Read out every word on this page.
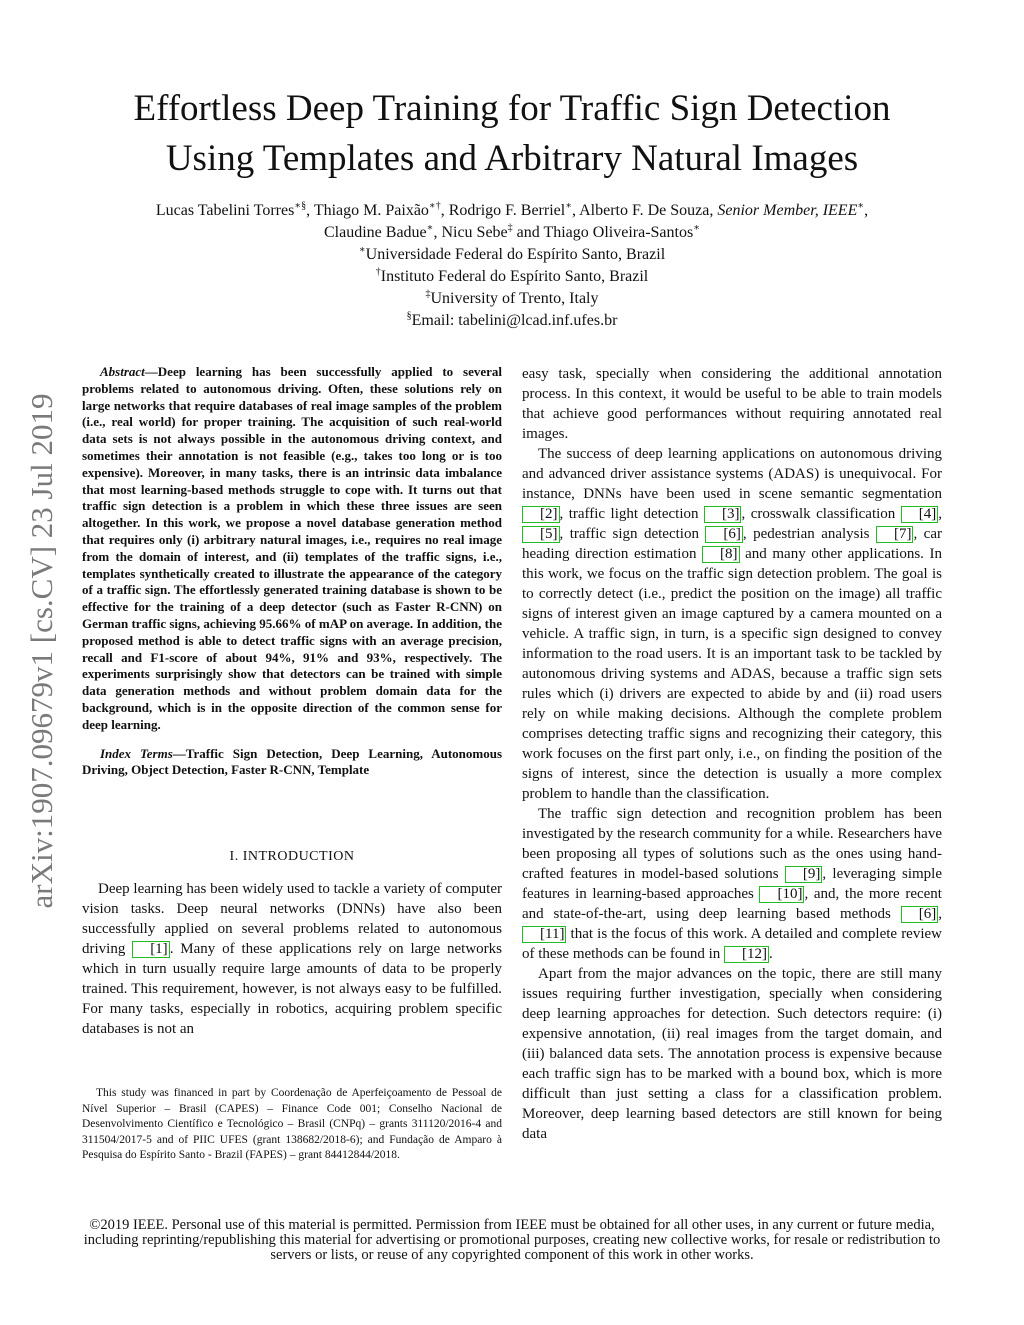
arXiv:1907.09679v1 [cs.CV] 23 Jul 2019
Effortless Deep Training for Traffic Sign Detection
Using Templates and Arbitrary Natural Images
Lucas Tabelini Torres∗§, Thiago M. Paixão∗†, Rodrigo F. Berriel∗, Alberto F. De Souza, Senior Member, IEEE∗,
Claudine Badue∗, Nicu Sebe‡ and Thiago Oliveira-Santos∗
∗Universidade Federal do Espírito Santo, Brazil
†Instituto Federal do Espírito Santo, Brazil
‡University of Trento, Italy
§Email: tabelini@lcad.inf.ufes.br

Abstract—Deep learning has been successfully applied to several problems related to autonomous driving. Often, these solutions rely on large networks that require databases of real image samples of the problem (i.e., real world) for proper training. The acquisition of such real-world data sets is not always possible in the autonomous driving context, and sometimes their annotation is not feasible (e.g., takes too long or is too expensive). Moreover, in many tasks, there is an intrinsic data imbalance that most learning-based methods struggle to cope with. It turns out that traffic sign detection is a problem in which these three issues are seen altogether. In this work, we propose a novel database generation method that requires only (i) arbitrary natural images, i.e., requires no real image from the domain of interest, and (ii) templates of the traffic signs, i.e., templates synthetically created to illustrate the appearance of the category of a traffic sign. The effortlessly generated training database is shown to be effective for the training of a deep detector (such as Faster R-CNN) on German traffic signs, achieving 95.66% of mAP on average. In addition, the proposed method is able to detect traffic signs with an average precision, recall and F1-score of about 94%, 91% and 93%, respectively. The experiments surprisingly show that detectors can be trained with simple data generation methods and without problem domain data for the background, which is in the opposite direction of the common sense for deep learning.

Index Terms—Traffic Sign Detection, Deep Learning, Autonomous Driving, Object Detection, Faster R-CNN, Template

I. INTRODUCTION

Deep learning has been widely used to tackle a variety of computer vision tasks. Deep neural networks (DNNs) have also been successfully applied on several problems related to autonomous driving [1] . Many of these applications rely on large networks which in turn usually require large amounts of data to be properly trained. This requirement, however, is not always easy to be fulfilled. For many tasks, especially in robotics, acquiring problem specific databases is not an

This study was financed in part by Coordenação de Aperfeiçoamento de Pessoal de Nível Superior – Brasil (CAPES) – Finance Code 001; Conselho Nacional de Desenvolvimento Científico e Tecnológico – Brasil (CNPq) – grants 311120/2016-4 and 311504/2017-5 and of PIIC UFES (grant 138682/2018-6); and Fundação de Amparo à Pesquisa do Espírito Santo - Brazil (FAPES) – grant 84412844/2018.

easy task, specially when considering the additional annotation process. In this context, it would be useful to be able to train models that achieve good performances without requiring annotated real images.

The success of deep learning applications on autonomous driving and advanced driver assistance systems (ADAS) is unequivocal. For instance, DNNs have been used in scene semantic segmentation [2] , traffic light detection [3] , crosswalk classification [4] , [5] , traffic sign detection [6] , pedestrian analysis [7] , car heading direction estimation [8] and many other applications. In this work, we focus on the traffic sign detection problem. The goal is to correctly detect (i.e., predict the position on the image) all traffic signs of interest given an image captured by a camera mounted on a vehicle. A traffic sign, in turn, is a specific sign designed to convey information to the road users. It is an important task to be tackled by autonomous driving systems and ADAS, because a traffic sign sets rules which (i) drivers are expected to abide by and (ii) road users rely on while making decisions. Although the complete problem comprises detecting traffic signs and recognizing their category, this work focuses on the first part only, i.e., on finding the position of the signs of interest, since the detection is usually a more complex problem to handle than the classification.

The traffic sign detection and recognition problem has been investigated by the research community for a while. Researchers have been proposing all types of solutions such as the ones using hand-crafted features in model-based solutions [9] , leveraging simple features in learning-based approaches [10] , and, the more recent and state-of-the-art, using deep learning based methods [6] , [11] that is the focus of this work. A detailed and complete review of these methods can be found in [12] .

Apart from the major advances on the topic, there are still many issues requiring further investigation, specially when considering deep learning approaches for detection. Such detectors require: (i) expensive annotation, (ii) real images from the target domain, and (iii) balanced data sets. The annotation process is expensive because each traffic sign has to be marked with a bound box, which is more difficult than just setting a class for a classification problem. Moreover, deep learning based detectors are still known for being data

©2019 IEEE. Personal use of this material is permitted. Permission from IEEE must be obtained for all other uses, in any current or future media, including reprinting/republishing this material for advertising or promotional purposes, creating new collective works, for resale or redistribution to servers or lists, or reuse of any copyrighted component of this work in other works.
